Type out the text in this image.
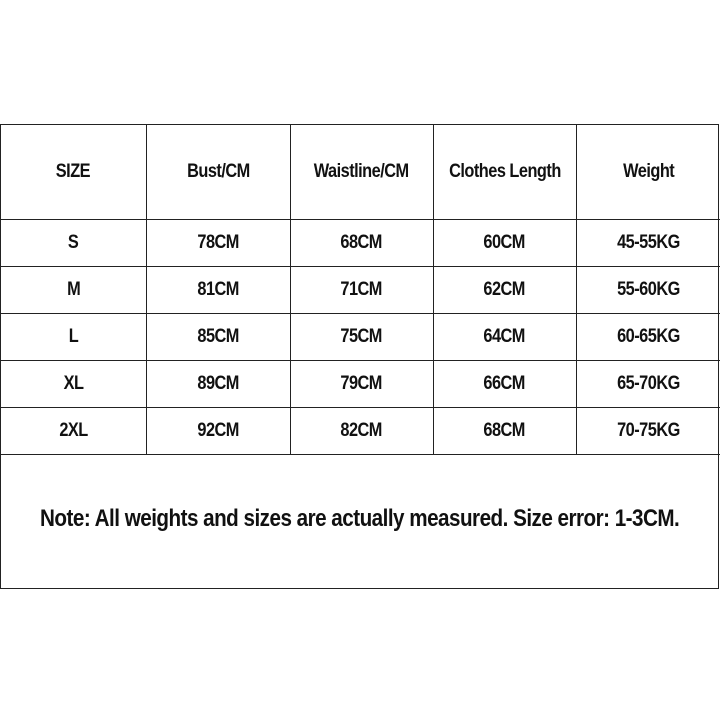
SIZE	Bust/CM	Waistline/CM	Clothes Length	Weight
S	78CM	68CM	60CM	45-55KG
M	81CM	71CM	62CM	55-60KG
L	85CM	75CM	64CM	60-65KG
XL	89CM	79CM	66CM	65-70KG
2XL	92CM	82CM	68CM	70-75KG
Note: All weights and sizes are actually measured. Size error: 1-3CM.
